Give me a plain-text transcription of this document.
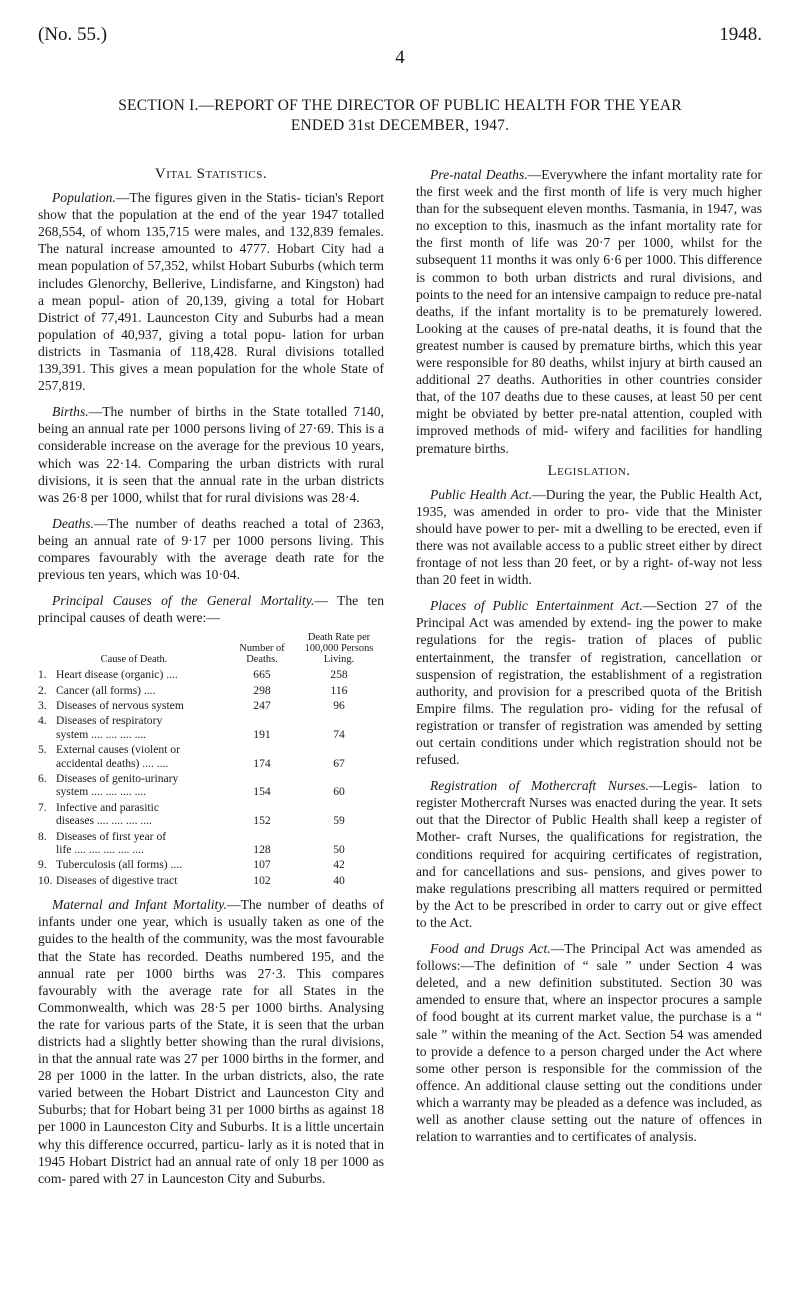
(No. 55.)	1948.
4
SECTION I.—REPORT OF THE DIRECTOR OF PUBLIC HEALTH FOR THE YEAR
ENDED 31st DECEMBER, 1947.
Vital Statistics.

Population.—The figures given in the Statis- tician's Report show that the population at the end of the year 1947 totalled 268,554, of whom 135,715 were males, and 132,839 females. The natural increase amounted to 4777. Hobart City had a mean population of 57,352, whilst Hobart Suburbs (which term includes Glenorchy, Bellerive, Lindisfarne, and Kingston) had a mean popul- ation of 20,139, giving a total for Hobart District of 77,491. Launceston City and Suburbs had a mean population of 40,937, giving a total popu- lation for urban districts in Tasmania of 118,428. Rural divisions totalled 139,391. This gives a mean population for the whole State of 257,819.

Births.—The number of births in the State totalled 7140, being an annual rate per 1000 persons living of 27·69. This is a considerable increase on the average for the previous 10 years, which was 22·14. Comparing the urban districts with rural divisions, it is seen that the annual rate in the urban districts was 26·8 per 1000, whilst that for rural divisions was 28·4.

Deaths.—The number of deaths reached a total of 2363, being an annual rate of 9·17 per 1000 persons living. This compares favourably with the average death rate for the previous ten years, which was 10·04.

Principal Causes of the General Mortality.— The ten principal causes of death were:—

Cause of Death.	Number of Deaths.	Death Rate per 100,000 Persons Living.
1. Heart disease (organic) ....	665	258
2. Cancer (all forms) ....	298	116
3. Diseases of nervous system	247	96
4. Diseases of respiratory
system .... .... .... ....	191	74
5. External causes (violent or
accidental deaths) .... ....	174	67
6. Diseases of genito-urinary
system .... .... .... ....	154	60
7. Infective and parasitic
diseases .... .... .... ....	152	59
8. Diseases of first year of
life .... .... .... .... ....	128	50
9. Tuberculosis (all forms) ....	107	42
10. Diseases of digestive tract	102	40

Maternal and Infant Mortality.—The number of deaths of infants under one year, which is usually taken as one of the guides to the health of the community, was the most favourable that the State has recorded. Deaths numbered 195, and the annual rate per 1000 births was 27·3. This compares favourably with the average rate for all States in the Commonwealth, which was 28·5 per 1000 births. Analysing the rate for various parts of the State, it is seen that the urban districts had a slightly better showing than the rural divisions, in that the annual rate was 27 per 1000 births in the former, and 28 per 1000 in the latter. In the urban districts, also, the rate varied between the Hobart District and Launceston City and Suburbs; that for Hobart being 31 per 1000 births as against 18 per 1000 in Launceston City and Suburbs. It is a little uncertain why this difference occurred, particu- larly as it is noted that in 1945 Hobart District had an annual rate of only 18 per 1000 as com- pared with 27 in Launceston City and Suburbs.

Pre-natal Deaths.—Everywhere the infant mortality rate for the first week and the first month of life is very much higher than for the subsequent eleven months. Tasmania, in 1947, was no exception to this, inasmuch as the infant mortality rate for the first month of life was 20·7 per 1000, whilst for the subsequent 11 months it was only 6·6 per 1000. This difference is common to both urban districts and rural divisions, and points to the need for an intensive campaign to reduce pre-natal deaths, if the infant mortality is to be prematurely lowered. Looking at the causes of pre-natal deaths, it is found that the greatest number is caused by premature births, which this year were responsible for 80 deaths, whilst injury at birth caused an additional 27 deaths. Authorities in other countries consider that, of the 107 deaths due to these causes, at least 50 per cent might be obviated by better pre-natal attention, coupled with improved methods of mid- wifery and facilities for handling premature births.

Legislation.

Public Health Act.—During the year, the Public Health Act, 1935, was amended in order to pro- vide that the Minister should have power to per- mit a dwelling to be erected, even if there was not available access to a public street either by direct frontage of not less than 20 feet, or by a right- of-way not less than 20 feet in width.

Places of Public Entertainment Act.—Section 27 of the Principal Act was amended by extend- ing the power to make regulations for the regis- tration of places of public entertainment, the transfer of registration, cancellation or suspension of registration, the establishment of a registration authority, and provision for a prescribed quota of the British Empire films. The regulation pro- viding for the refusal of registration or transfer of registration was amended by setting out certain conditions under which registration should not be refused.

Registration of Mothercraft Nurses.—Legis- lation to register Mothercraft Nurses was enacted during the year. It sets out that the Director of Public Health shall keep a register of Mother- craft Nurses, the qualifications for registration, the conditions required for acquiring certificates of registration, and for cancellations and sus- pensions, and gives power to make regulations prescribing all matters required or permitted by the Act to be prescribed in order to carry out or give effect to the Act.

Food and Drugs Act.—The Principal Act was amended as follows:—The definition of “ sale ” under Section 4 was deleted, and a new definition substituted. Section 30 was amended to ensure that, where an inspector procures a sample of food bought at its current market value, the purchase is a “ sale ” within the meaning of the Act. Section 54 was amended to provide a defence to a person charged under the Act where some other person is responsible for the commission of the offence. An additional clause setting out the conditions under which a warranty may be pleaded as a defence was included, as well as another clause setting out the nature of offences in relation to warranties and to certificates of analysis.
